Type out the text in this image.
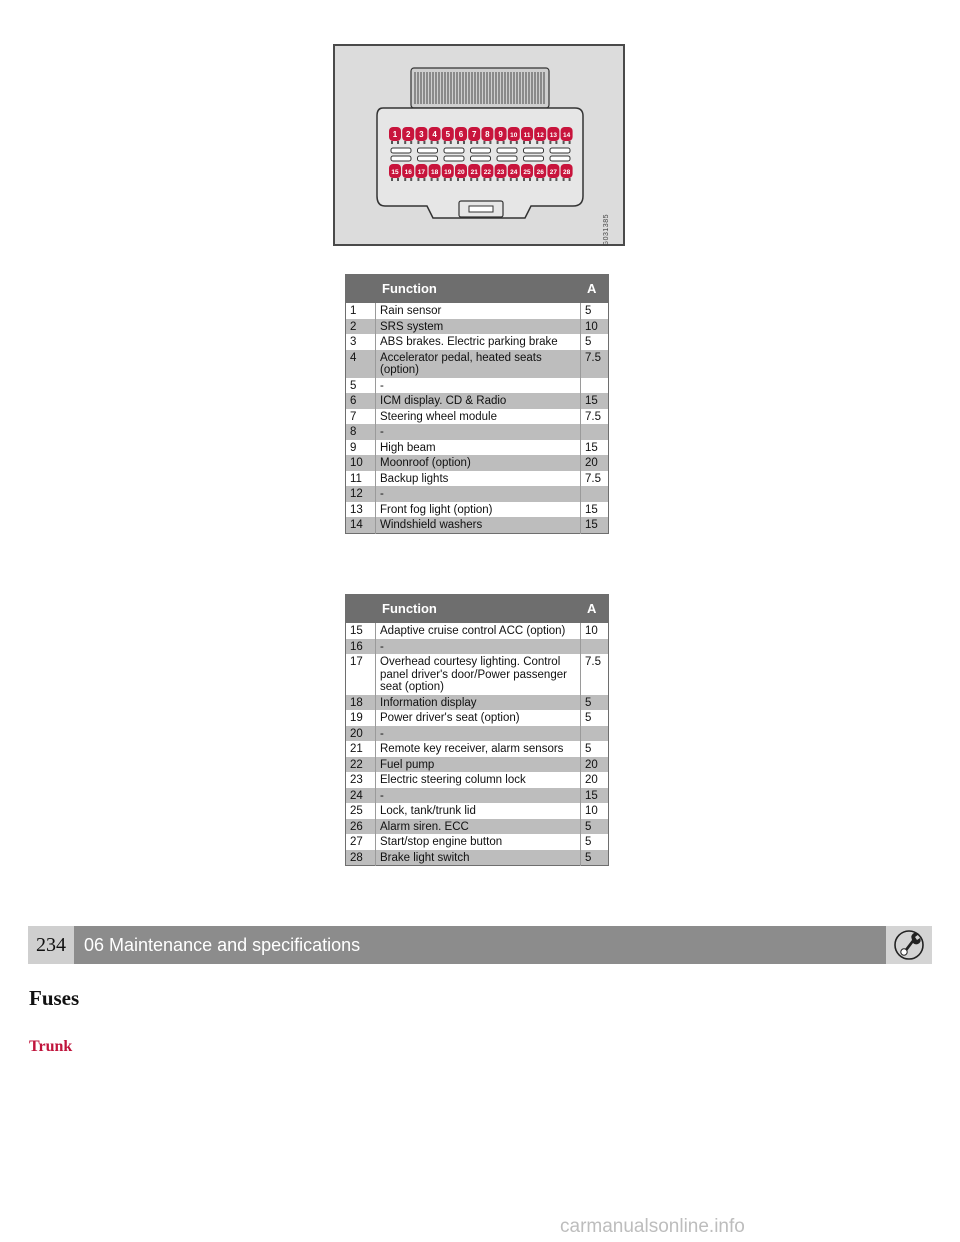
1 2 3 4 5 6 7 8 9 10 11 12 13 14
15 16 17 18 19 20 21 22 23 24 25 26 27 28
G031385
	Function	A
1	Rain sensor	5
2	SRS system	10
3	ABS brakes. Electric parking brake	5
4	Accelerator pedal, heated seats (option)	7.5
5	-	
6	ICM display. CD & Radio	15
7	Steering wheel module	7.5
8	-	
9	High beam	15
10	Moonroof (option)	20
11	Backup lights	7.5
12	-	
13	Front fog light (option)	15
14	Windshield washers	15
	Function	A
15	Adaptive cruise control ACC (option)	10
16	-	
17	Overhead courtesy lighting. Control panel driver's door/Power passenger seat (option)	7.5
18	Information display	5
19	Power driver's seat (option)	5
20	-	
21	Remote key receiver, alarm sensors	5
22	Fuel pump	20
23	Electric steering column lock	20
24	-	15
25	Lock, tank/trunk lid	10
26	Alarm siren. ECC	5
27	Start/stop engine button	5
28	Brake light switch	5
234	06 Maintenance and specifications
Fuses
Trunk
carmanualsonline.info
